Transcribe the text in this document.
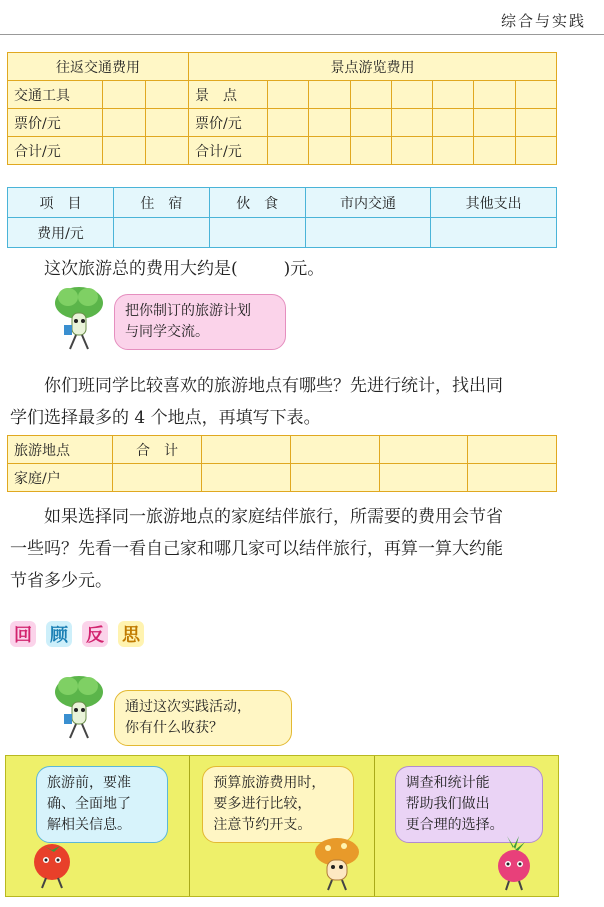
综合与实践
往返交通费用			景点游览费用							
交通工具			景　点							
票价/元			票价/元							
合计/元			合计/元							
项　目	住　宿	伙　食	市内交通	其他支出
费用/元				
这次旅游总的费用大约是(	)元。
把你制订的旅游计划
与同学交流。
你们班同学比较喜欢的旅游地点有哪些？先进行统计，找出同
学们选择最多的 4 个地点，再填写下表。
旅游地点	合　计				
家庭/户					
如果选择同一旅游地点的家庭结伴旅行，所需要的费用会节省
一些吗？先看一看自己家和哪几家可以结伴旅行，再算一算大约能
节省多少元。
回 顾 反 思
通过这次实践活动，
你有什么收获？
旅游前，要准
确、全面地了
解相关信息。
预算旅游费用时，
要多进行比较，
注意节约开支。
调查和统计能
帮助我们做出
更合理的选择。
